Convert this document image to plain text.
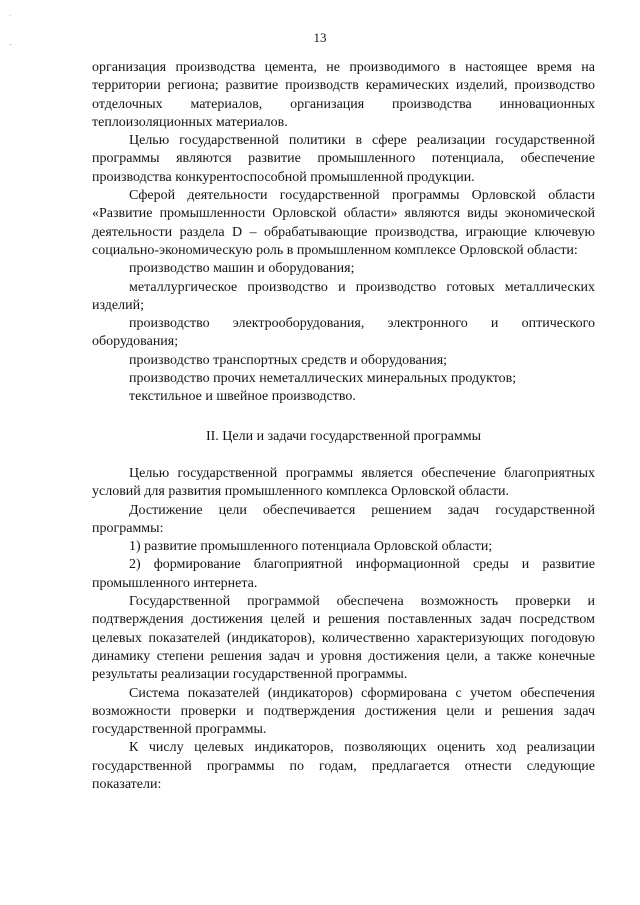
`
-	13

организация производства цемента, не производимого в настоящее время на территории региона; развитие производств керамических изделий, производство отделочных материалов, организация производства инновационных теплоизоляционных материалов.

Целью государственной политики в сфере реализации государственной программы являются развитие промышленного потенциала, обеспечение производства конкурентоспособной промышленной продукции.

Сферой деятельности государственной программы Орловской области «Развитие промышленности Орловской области» являются виды экономической деятельности раздела D – обрабатывающие производства, играющие ключевую социально-экономическую роль в промышленном комплексе Орловской области:

производство машин и оборудования;

металлургическое производство и производство готовых металлических изделий;

производство электрооборудования, электронного и оптического оборудования;

производство транспортных средств и оборудования;

производство прочих неметаллических минеральных продуктов;

текстильное и швейное производство.

II. Цели и задачи государственной программы

Целью государственной программы является обеспечение благоприятных условий для развития промышленного комплекса Орловской области.

Достижение цели обеспечивается решением задач государственной программы:

1) развитие промышленного потенциала Орловской области;

2) формирование благоприятной информационной среды и развитие промышленного интернета.

Государственной программой обеспечена возможность проверки и подтверждения достижения целей и решения поставленных задач посредством целевых показателей (индикаторов), количественно характеризующих погодовую динамику степени решения задач и уровня достижения цели, а также конечные результаты реализации государственной программы.

Система показателей (индикаторов) сформирована с учетом обеспечения возможности проверки и подтверждения достижения цели и решения задач государственной программы.

К числу целевых индикаторов, позволяющих оценить ход реализации государственной программы по годам, предлагается отнести следующие показатели:
